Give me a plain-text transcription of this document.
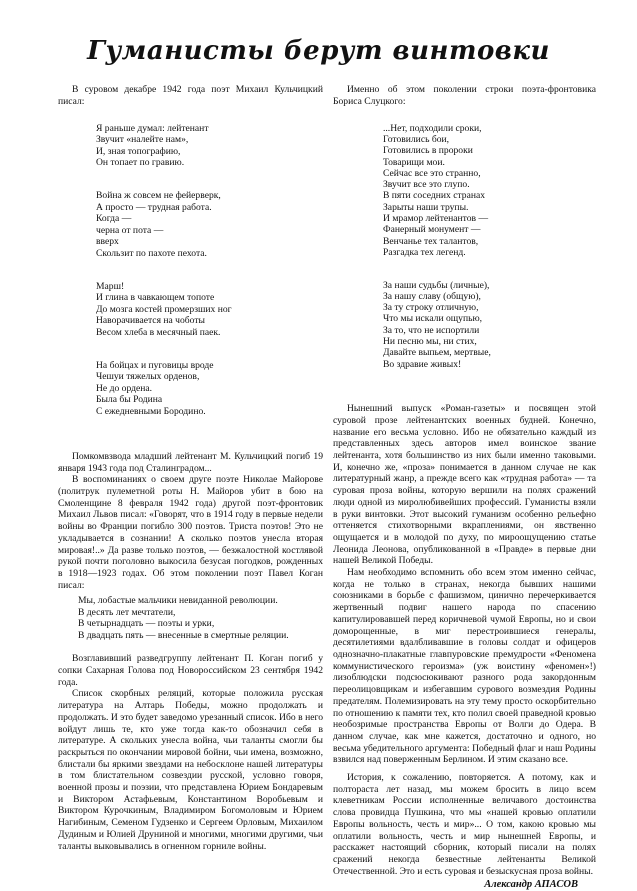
Гуманисты берут винтовки

В суровом декабре 1942 года поэт Михаил Кульчицкий писал:

Я раньше думал: лейтенант
Звучит «налейте нам»,
И, зная топографию,
Он топает по гравию.

Война ж совсем не фейерверк,
А просто — трудная работа.
Когда —
черна от пота —
вверх
Скользит по пахоте пехота.

Марш!
И глина в чавкающем топоте
До мозга костей промерзших ног
Наворачивается на чоботы
Весом хлеба в месячный паек.

На бойцах и пуговицы вроде
Чешуи тяжелых орденов,
Не до ордена.
Была бы Родина
С ежедневными Бородино.

Помкомвзвода младший лейтенант М. Кульчицкий погиб 19 января 1943 года под Сталинградом...

В воспоминаниях о своем друге поэте Николае Майорове (политрук пулеметной роты Н. Майоров убит в бою на Смоленщине 8 февраля 1942 года) другой поэт-фронтовик Михаил Львов писал: «Говорят, что в 1914 году в первые недели войны во Франции погибло 300 поэтов. Триста поэтов! Это не укладывается в сознании! А сколько поэтов унесла вторая мировая!..» Да разве только поэтов, — безжалостной костлявой рукой почти поголовно выкосила безусая погодков, рожденных в 1918—1923 годах. Об этом поколении поэт Павел Коган писал:

Мы, лобастые мальчики невиданной революции.
В десять лет мечтатели,
В четырнадцать — поэты и урки,
В двадцать пять — внесенные в смертные реляции.

Возглавивший разведгруппу лейтенант П. Коган погиб у сопки Сахарная Голова под Новороссийском 23 сентября 1942 года.

Список скорбных реляций, которые положила русская литература на Алтарь Победы, можно продолжать и продолжать. И это будет заведомо урезанный список. Ибо в него войдут лишь те, кто уже тогда как-то обозначил себя в литературе. А скольких унесла война, чьи таланты смогли бы раскрыться по окончании мировой бойни, чьи имена, возможно, блистали бы яркими звездами на небосклоне нашей литературы в том блистательном созвездии русской, условно говоря, военной прозы и поэзии, что представлена Юрием Бондаревым и Виктором Астафьевым, Константином Воробьевым и Виктором Курочкиным, Владимиром Богомоловым и Юрием Нагибиным, Семеном Гудзенко и Сергеем Орловым, Михаилом Дудиным и Юлией Друниной и многими, многими другими, чьи таланты выковывались в огненном горниле войны.

Именно об этом поколении строки поэта-фронтовика Бориса Слуцкого:

...Нет, подходили сроки,
Готовились бои,
Готовились в пророки
Товарищи мои.
Сейчас все это странно,
Звучит все это глупо.
В пяти соседних странах
Зарыты наши трупы.
И мрамор лейтенантов —
Фанерный монумент —
Венчанье тех талантов,
Разгадка тех легенд.

За наши судьбы (личные),
За нашу славу (общую),
За ту строку отличную,
Что мы искали ощупью,
За то, что не испортили
Ни песню мы, ни стих,
Давайте выпьем, мертвые,
Во здравие живых!

Нынешний выпуск «Роман-газеты» и посвящен этой суровой прозе лейтенантских военных будней. Конечно, название его весьма условно. Ибо не обязательно каждый из представленных здесь авторов имел воинское звание лейтенанта, хотя большинство из них были именно таковыми. И, конечно же, «проза» понимается в данном случае не как литературный жанр, а прежде всего как «трудная работа» — та суровая проза войны, которую вершили на полях сражений люди одной из миролюбивейших профессий. Гуманисты взяли в руки винтовки. Этот высокий гуманизм особенно рельефно оттеняется стихотворными вкраплениями, он явственно ощущается и в молодой по духу, по мироощущению статье Леонида Леонова, опубликованной в «Правде» в первые дни нашей Великой Победы.

Нам необходимо вспомнить обо всем этом именно сейчас, когда не только в странах, некогда бывших нашими союзниками в борьбе с фашизмом, цинично перечеркивается жертвенный подвиг нашего народа по спасению капитулировавшей перед коричневой чумой Европы, но и свои доморощенные, в миг перестроившиеся генералы, десятилетиями вдалбливавшие в головы солдат и офицеров однозначно-плакатные главпуровские премудрости «Феномена коммунистического героизма» (уж воистину «феномен»!) лизоблюдски подсюсюкивают разного рода закордонным переолицовщикам и избегавшим сурового возмездия Родины предателям. Полемизировать на эту тему просто оскорбительно по отношению к памяти тех, кто полил своей праведной кровью необозримые пространства Европы от Волги до Одера. В данном случае, как мне кажется, достаточно и одного, но весьма убедительного аргумента: Победный флаг и наш Родины взвился над поверженным Берлином. И этим сказано все.

История, к сожалению, повторяется. А потому, как и полтораста лет назад, мы можем бросить в лицо всем клеветникам России исполненные величавого достоинства слова провидца Пушкина, что мы «нашей кровью оплатили Европы вольность, честь и мир»... О том, какою кровью мы оплатили вольность, честь и мир нынешней Европы, и расскажет настоящий сборник, который писали на полях сражений некогда безвестные лейтенанты Великой Отечественной. Это и есть суровая и безыскусная проза войны.

Александр АПАСОВ
